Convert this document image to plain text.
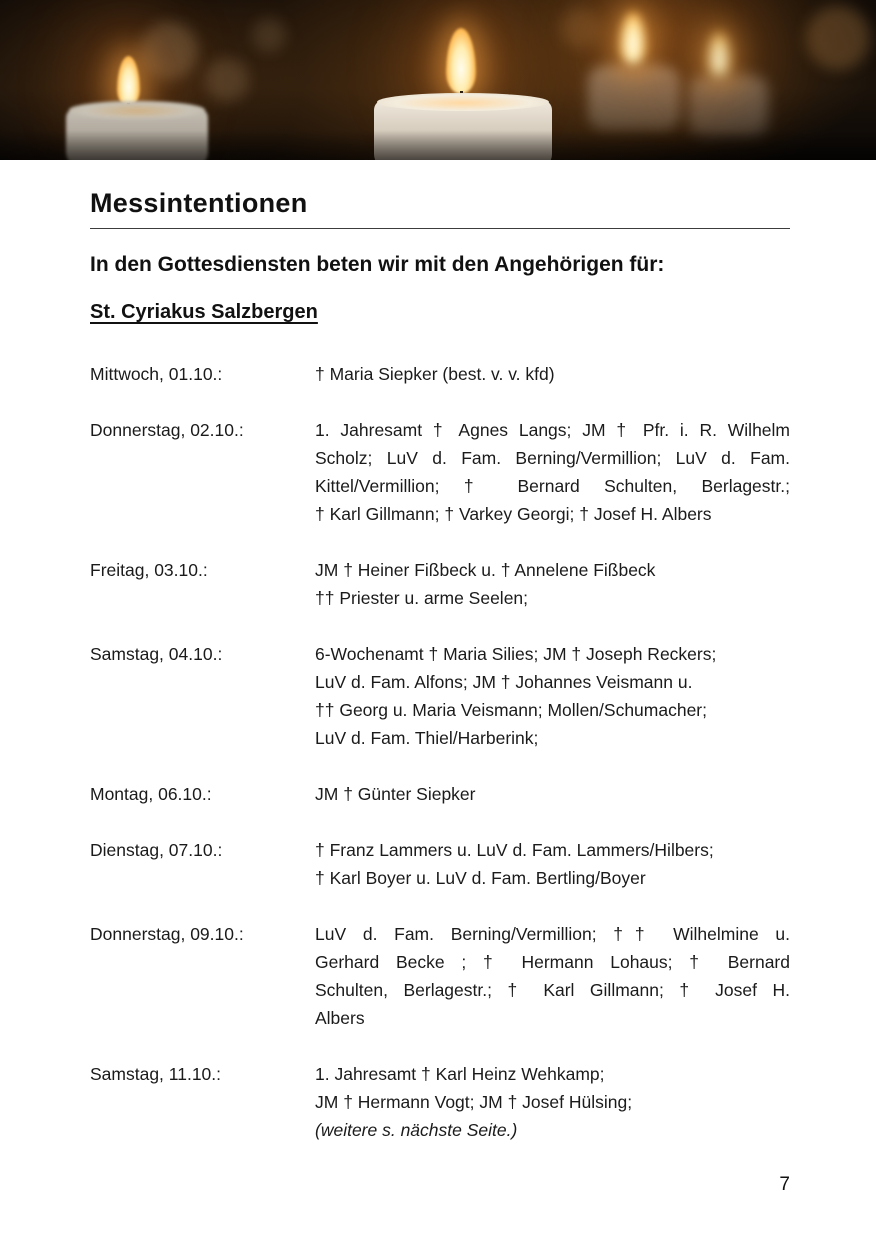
Messintentionen
In den Gottesdiensten beten wir mit den Angehörigen für:
St. Cyriakus Salzbergen
Mittwoch, 01.10.:	† Maria Siepker (best. v. v. kfd)
Donnerstag, 02.10.:	1. Jahresamt † Agnes Langs; JM † Pfr. i. R. Wilhelm
Scholz; LuV d. Fam. Berning/Vermillion; LuV d. Fam.
Kittel/Vermillion; † Bernard Schulten, Berlagestr.;
† Karl Gillmann; † Varkey Georgi; † Josef H. Albers
Freitag, 03.10.:	JM † Heiner Fißbeck u. † Annelene Fißbeck
†† Priester u. arme Seelen;
Samstag, 04.10.:	6-Wochenamt † Maria Silies; JM † Joseph Reckers;
LuV d. Fam. Alfons; JM † Johannes Veismann u.
†† Georg u. Maria Veismann; Mollen/Schumacher;
LuV d. Fam. Thiel/Harberink;
Montag, 06.10.:	JM † Günter Siepker
Dienstag, 07.10.:	† Franz Lammers u. LuV d. Fam. Lammers/Hilbers;
† Karl Boyer u. LuV d. Fam. Bertling/Boyer
Donnerstag, 09.10.:	LuV d. Fam. Berning/Vermillion; †† Wilhelmine u.
Gerhard Becke ; † Hermann Lohaus; † Bernard
Schulten, Berlagestr.; † Karl Gillmann; † Josef H.
Albers
Samstag, 11.10.:	1. Jahresamt † Karl Heinz Wehkamp;
JM † Hermann Vogt; JM † Josef Hülsing;
(weitere s. nächste Seite.)
7
